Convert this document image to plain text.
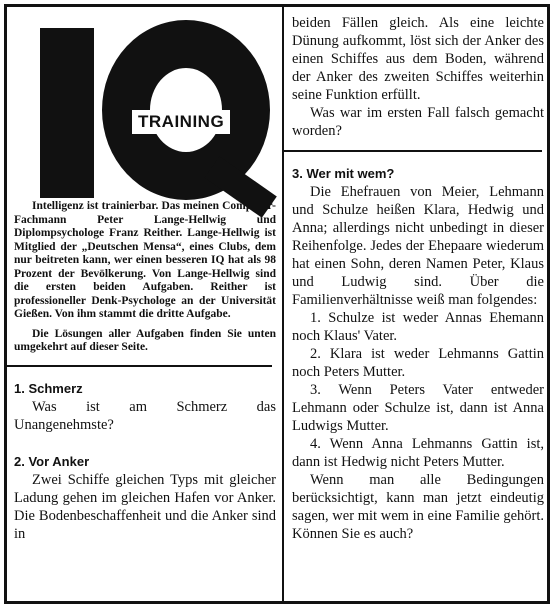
TRAINING

Intelligenz ist trainierbar. Das meinen Computer-Fachmann Peter Lange-Hellwig und Diplompsychologe Franz Reither. Lange-Hellwig ist Mitglied der „Deutschen Mensa“, eines Clubs, dem nur beitreten kann, wer einen besseren IQ hat als 98 Prozent der Bevölkerung. Von Lange-Hellwig sind die ersten beiden Aufgaben. Reither ist professioneller Denk-Psychologe an der Universität Gießen. Von ihm stammt die dritte Aufgabe.

Die Lösungen aller Aufgaben finden Sie unten umgekehrt auf dieser Seite.

1. Schmerz

Was ist am Schmerz das Unangenehmste?

2. Vor Anker

Zwei Schiffe gleichen Typs mit gleicher Ladung gehen im gleichen Hafen vor Anker. Die Bodenbeschaffenheit und die Anker sind in

beiden Fällen gleich. Als eine leichte Dünung aufkommt, löst sich der Anker des einen Schiffes aus dem Boden, während der Anker des zweiten Schiffes weiterhin seine Funktion erfüllt.

Was war im ersten Fall falsch gemacht worden?

3. Wer mit wem?

Die Ehefrauen von Meier, Lehmann und Schulze heißen Klara, Hedwig und Anna; allerdings nicht unbedingt in dieser Reihenfolge. Jedes der Ehepaare wiederum hat einen Sohn, deren Namen Peter, Klaus und Ludwig sind. Über die Familienverhältnisse weiß man folgendes:

1. Schulze ist weder Annas Ehemann noch Klaus' Vater.

2. Klara ist weder Lehmanns Gattin noch Peters Mutter.

3. Wenn Peters Vater entweder Lehmann oder Schulze ist, dann ist Anna Ludwigs Mutter.

4. Wenn Anna Lehmanns Gattin ist, dann ist Hedwig nicht Peters Mutter.

Wenn man alle Bedingungen berücksichtigt, kann man jetzt eindeutig sagen, wer mit wem in eine Familie gehört. Können Sie es auch?
